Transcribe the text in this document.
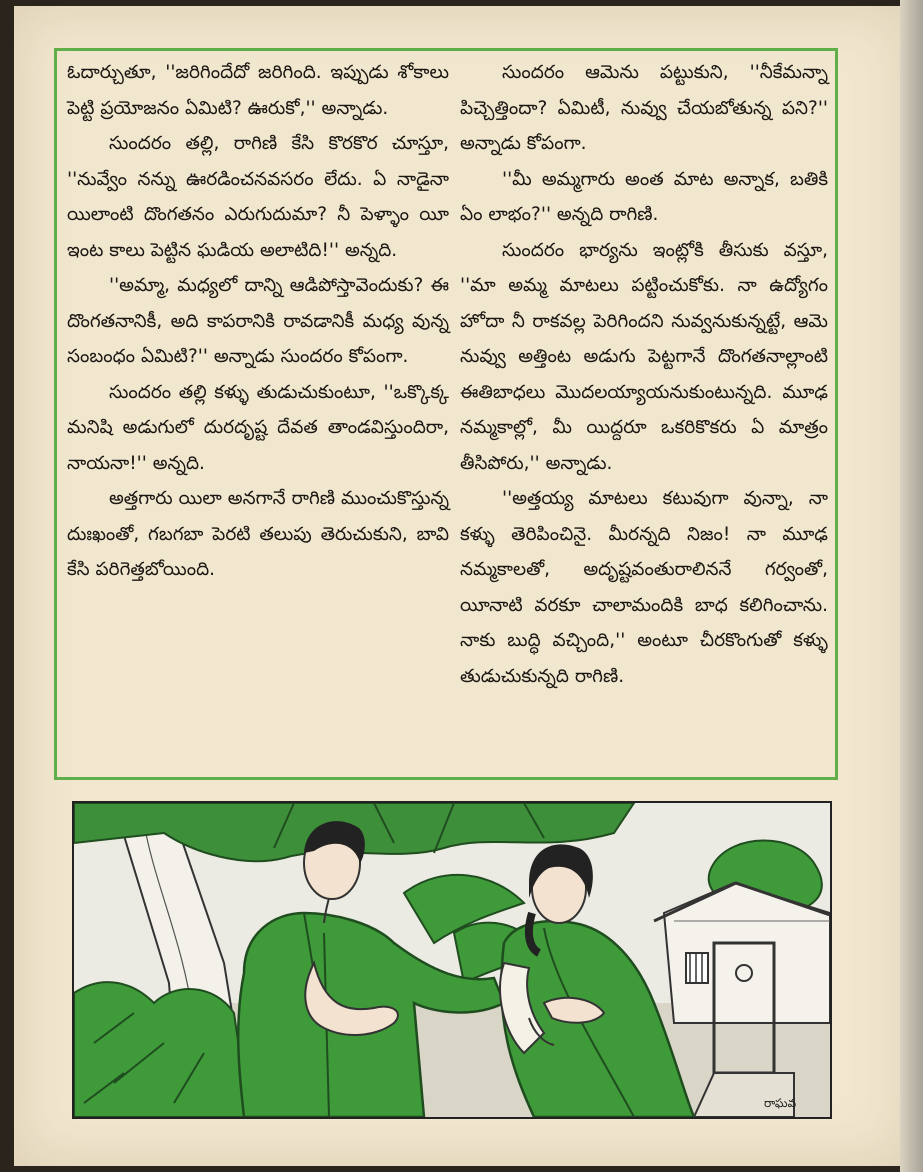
ఓదార్చుతూ, ''జరిగిందేదో జరిగింది. ఇప్పుడు శోకాలు పెట్టి ప్రయోజనం ఏమిటి? ఊరుకో,'' అన్నాడు.

సుందరం తల్లి, రాగిణి కేసి కొరకొర చూస్తూ, ''నువ్వేం నన్ను ఊరడించనవసరం లేదు. ఏ నాడైనా యిలాంటి దొంగతనం ఎరుగుదుమా? నీ పెళ్ళాం యీ ఇంట కాలు పెట్టిన ఘడియ అలాటిది!'' అన్నది.

''అమ్మా, మధ్యలో దాన్ని ఆడిపోస్తావెందుకు? ఈ దొంగతనానికీ, అది కాపరానికి రావడానికీ మధ్య వున్న సంబంధం ఏమిటి?'' అన్నాడు సుందరం కోపంగా.

సుందరం తల్లి కళ్ళు తుడుచుకుంటూ, ''ఒక్కొక్క మనిషి అడుగులో దురదృష్ట దేవత తాండవిస్తుందిరా, నాయనా!'' అన్నది.

అత్తగారు యిలా అనగానే రాగిణి ముంచుకొస్తున్న దుఃఖంతో, గబగబా పెరటి తలుపు తెరుచుకుని, బావి కేసి పరిగెత్తబోయింది.

సుందరం ఆమెను పట్టుకుని, ''నీకేమన్నా పిచ్చెత్తిందా? ఏమిటీ, నువ్వు చేయబోతున్న పని?'' అన్నాడు కోపంగా.

''మీ అమ్మగారు అంత మాట అన్నాక, బతికి ఏం లాభం?'' అన్నది రాగిణి.

సుందరం భార్యను ఇంట్లోకి తీసుకు వస్తూ, ''మా అమ్మ మాటలు పట్టించుకోకు. నా ఉద్యోగం హోదా నీ రాకవల్ల పెరిగిందని నువ్వనుకున్నట్టే, ఆమె నువ్వు అత్తింట అడుగు పెట్టగానే దొంగతనాల్లాంటి ఈతిబాధలు మొదలయ్యాయనుకుంటున్నది. మూఢ నమ్మకాల్లో, మీ యిద్దరూ ఒకరికొకరు ఏ మాత్రం తీసిపోరు,'' అన్నాడు.

''అత్తయ్య మాటలు కటువుగా వున్నా, నా కళ్ళు తెరిపించినై. మీరన్నది నిజం! నా మూఢ నమ్మకాలతో, అదృష్టవంతురాలిననే గర్వంతో, యీనాటి వరకూ చాలామందికి బాధ కలిగించాను. నాకు బుద్ధి వచ్చింది,'' అంటూ చీరకొంగుతో కళ్ళు తుడుచుకున్నది రాగిణి.

రాఘవ
